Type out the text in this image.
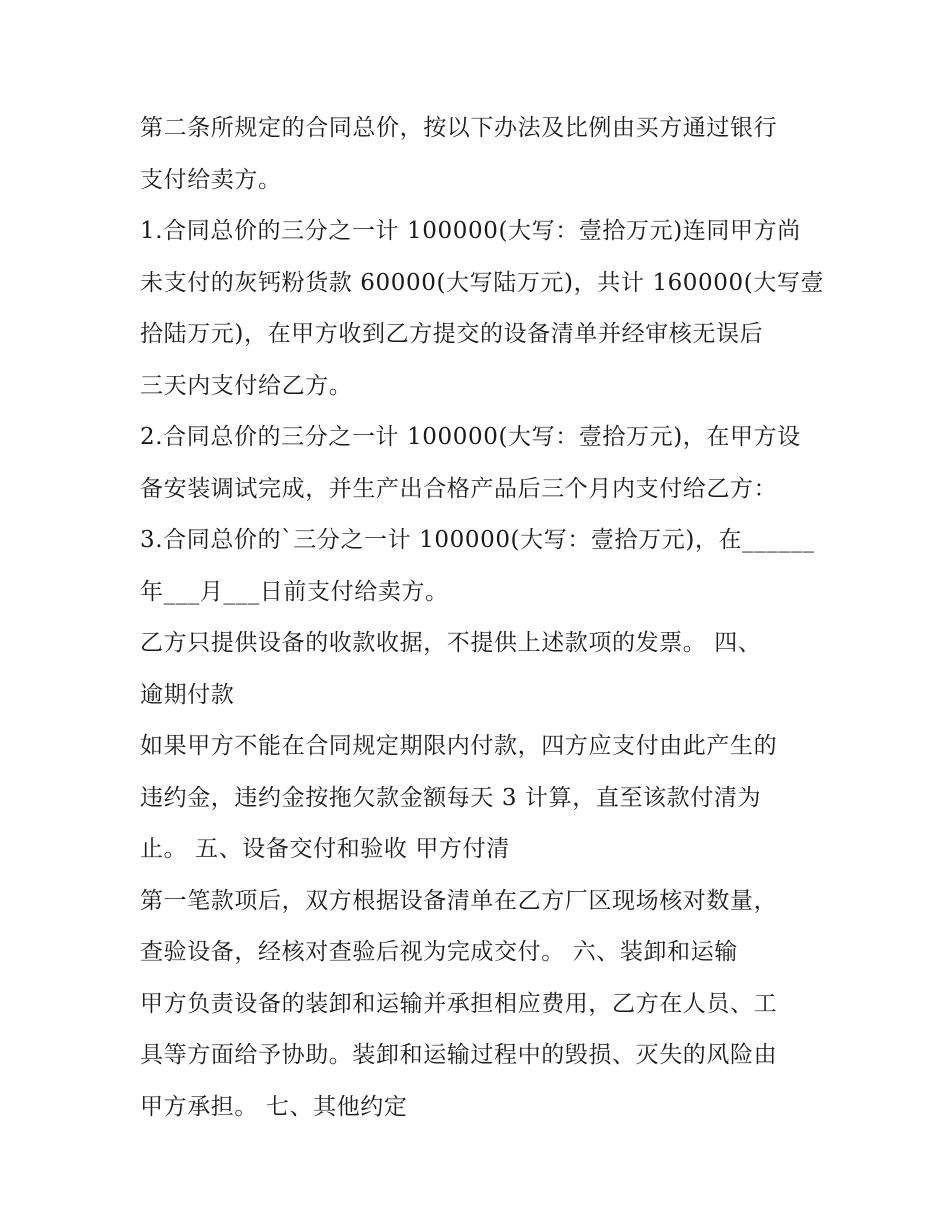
第二条所规定的合同总价，按以下办法及比例由买方通过银行
支付给卖方。
1.合同总价的三分之一计 100000(大写：壹拾万元)连同甲方尚
未支付的灰钙粉货款 60000(大写陆万元)，共计 160000(大写壹
拾陆万元)，在甲方收到乙方提交的设备清单并经审核无误后
三天内支付给乙方。
2.合同总价的三分之一计 100000(大写：壹拾万元)，在甲方设
备安装调试完成，并生产出合格产品后三个月内支付给乙方：
3.合同总价的`三分之一计 100000(大写：壹拾万元)，在______
年___月___日前支付给卖方。
乙方只提供设备的收款收据，不提供上述款项的发票。 四、
逾期付款
如果甲方不能在合同规定期限内付款，四方应支付由此产生的
违约金，违约金按拖欠款金额每天 3 计算，直至该款付清为
止。 五、设备交付和验收 甲方付清
第一笔款项后，双方根据设备清单在乙方厂区现场核对数量，
查验设备，经核对查验后视为完成交付。 六、装卸和运输
甲方负责设备的装卸和运输并承担相应费用，乙方在人员、工
具等方面给予协助。装卸和运输过程中的毁损、灭失的风险由
甲方承担。 七、其他约定
